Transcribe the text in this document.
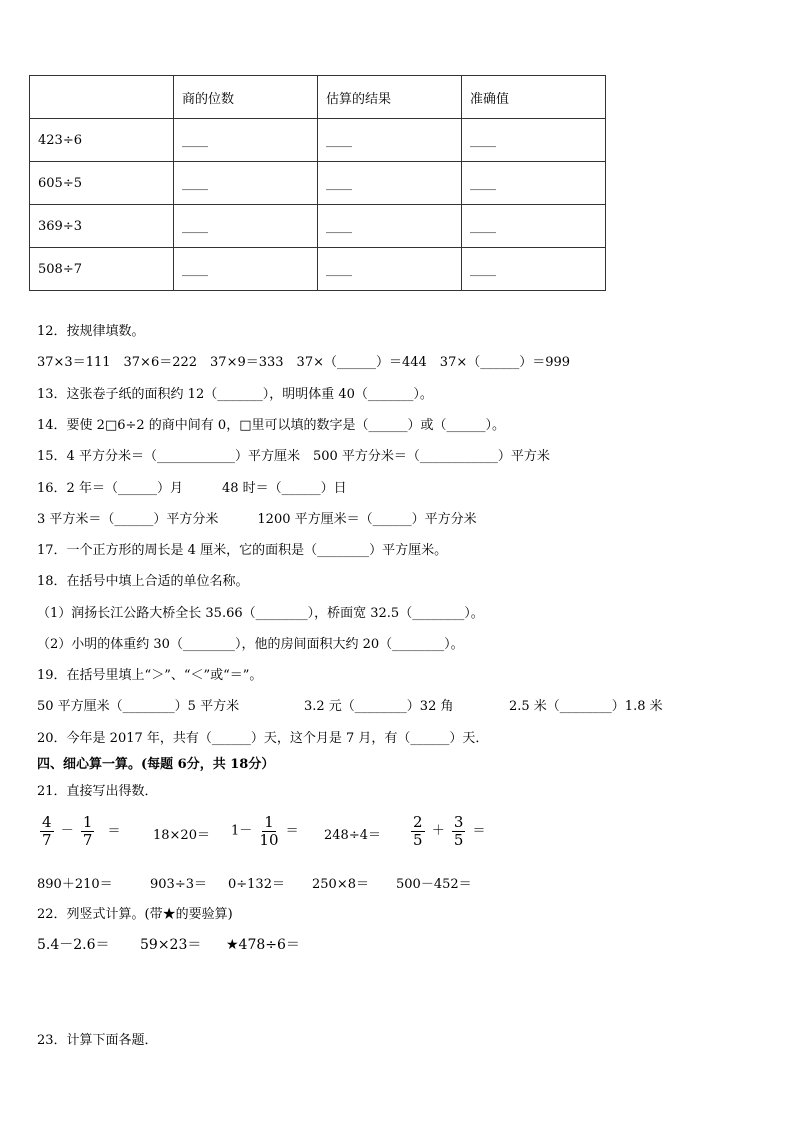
	商的位数	估算的结果	准确值
423÷6	____	____	____
605÷5	____	____	____
369÷3	____	____	____
508÷7	____	____	____
12．按规律填数。
37×3＝111　37×6＝222　37×9＝333　37×（______）＝444　37×（______）＝999
13．这张卷子纸的面积约 12（_______），明明体重 40（_______）。
14．要使 2□6÷2 的商中间有 0，□里可以填的数字是（______）或（______）。
15．4 平方分米＝（____________）平方厘米　500 平方分米＝（____________）平方米
16．2 年＝（______）月　　　48 时＝（______）日
3 平方米＝（______）平方分米　　　1200 平方厘米＝（______）平方分米
17．一个正方形的周长是 4 厘米，它的面积是（________）平方厘米。
18．在括号中填上合适的单位名称。
（1）润扬长江公路大桥全长 35.66（________），桥面宽 32.5（________）。
（2）小明的体重约 30（________），他的房间面积大约 20（________）。
19．在括号里填上“＞”、“＜”或“＝”。
50 平方厘米（________）5 平方米	3.2 元（________）32 角	2.5 米（________）1.8 米
20．今年是 2017 年，共有（______）天，这个月是 7 月，有（______）天．
四、细心算一算。(每题 6分，共 18分）
21．直接写出得数．
$\frac{4}{7} - \frac{1}{7} = 18\times 20= 1- \frac{1}{10} = 248\div 4= \frac{2}{5} + \frac{3}{5}$ ＝
890＋210＝	903÷3＝ 0÷132＝ 250×8＝ 500－452＝
22．列竖式计算。(带★的要验算)
5.4－2.6＝ 59×23＝ ★478÷6＝
23．计算下面各题．
